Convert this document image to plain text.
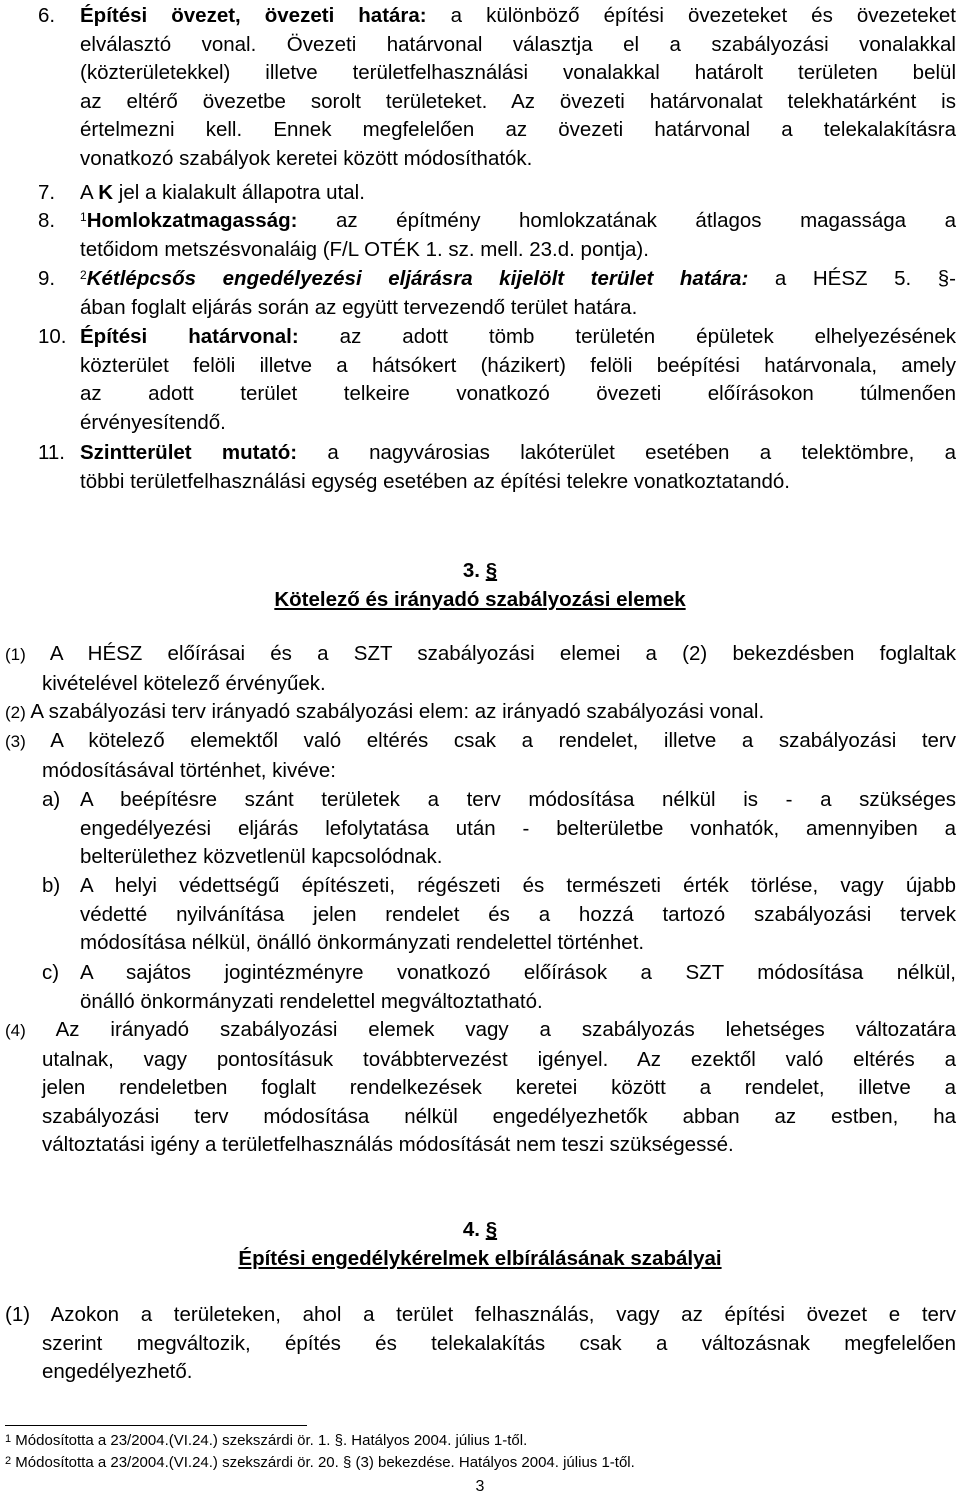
6.	Építési övezet, övezeti határa: a különböző építési övezeteket és övezeteket
elválasztó vonal. Övezeti határvonal választja el a szabályozási vonalakkal
(közterületekkel) illetve területfelhasználási vonalakkal határolt területen belül
az eltérő övezetbe sorolt területeket. Az övezeti határvonalat telekhatárként is
értelmezni kell. Ennek megfelelően az övezeti határvonal a telekalakításra
vonatkozó szabályok keretei között módosíthatók.
7.	A K jel a kialakult állapotra utal.
8.	$^1$Homlokzatmagasság: az építmény homlokzatának átlagos magassága a
tetőidom metszésvonaláig (F/L OTÉK 1. sz. mell. 23.d. pontja).
9.	$^2$Kétlépcsős engedélyezési eljárásra kijelölt terület határa: a HÉSZ 5. §-
ában foglalt eljárás során az együtt tervezendő terület határa.
10. Építési határvonal: az adott tömb területén épületek elhelyezésének
közterület felöli illetve a hátsókert (házikert) felöli beépítési határvonala, amely
az adott terület telkeire vonatkozó övezeti előírásokon túlmenően
érvényesítendő.
11. Szintterület mutató: a nagyvárosias lakóterület esetében a telektömbre, a
többi területfelhasználási egység esetében az építési telekre vonatkoztatandó.
3. §
Kötelező és irányadó szabályozási elemek
(1) A HÉSZ előírásai és a SZT szabályozási elemei a (2) bekezdésben foglaltak
kivételével kötelező érvényűek.
(2) A szabályozási terv irányadó szabályozási elem: az irányadó szabályozási vonal.
(3) A kötelező elemektől való eltérés csak a rendelet, illetve a szabályozási terv
módosításával történhet, kivéve:
a) A beépítésre szánt területek a terv módosítása nélkül is - a szükséges
engedélyezési eljárás lefolytatása után - belterületbe vonhatók, amennyiben a
belterülethez közvetlenül kapcsolódnak.
b) A helyi védettségű építészeti, régészeti és természeti érték törlése, vagy újabb
védetté nyilvánítása jelen rendelet és a hozzá tartozó szabályozási tervek
módosítása nélkül, önálló önkormányzati rendelettel történhet.
c) A sajátos jogintézményre vonatkozó előírások a SZT módosítása nélkül,
önálló önkormányzati rendelettel megváltoztatható.
(4) Az irányadó szabályozási elemek vagy a szabályozás lehetséges változatára
utalnak, vagy pontosításuk továbbtervezést igényel. Az ezektől való eltérés a
jelen rendeletben foglalt rendelkezések keretei között a rendelet, illetve a
szabályozási terv módosítása nélkül engedélyezhetők abban az estben, ha
változtatási igény a területfelhasználás módosítását nem teszi szükségessé.
4. §
Építési engedélykérelmek elbírálásának szabályai
(1) Azokon a területeken, ahol a terület felhasználás, vagy az építési övezet e terv
szerint megváltozik, építés és telekalakítás csak a változásnak megfelelően
engedélyezhető.
$^1$ Módosította a 23/2004.(VI.24.) szekszárdi ör. 1. §. Hatályos 2004. július 1-től.
$^2$ Módosította a 23/2004.(VI.24.) szekszárdi ör. 20. § (3) bekezdése. Hatályos 2004. július 1-től.
3
